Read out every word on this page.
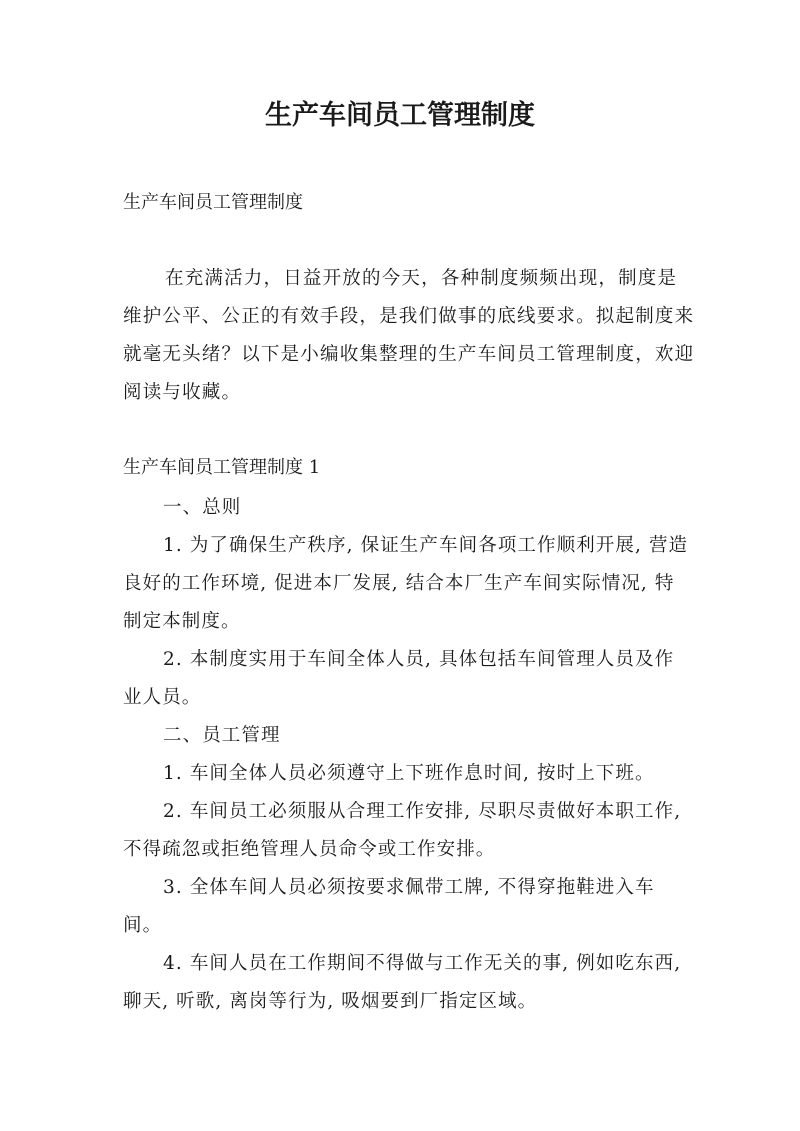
生产车间员工管理制度

生产车间员工管理制度

在充满活力，日益开放的今天，各种制度频频出现，制度是维护公平、公正的有效手段，是我们做事的底线要求。拟起制度来就毫无头绪？以下是小编收集整理的生产车间员工管理制度，欢迎阅读与收藏。

生产车间员工管理制度 1

一、总则

1. 为了确保生产秩序, 保证生产车间各项工作顺利开展, 营造良好的工作环境, 促进本厂发展, 结合本厂生产车间实际情况, 特制定本制度。

2. 本制度实用于车间全体人员, 具体包括车间管理人员及作业人员。

二、员工管理

1. 车间全体人员必须遵守上下班作息时间, 按时上下班。

2. 车间员工必须服从合理工作安排, 尽职尽责做好本职工作, 不得疏忽或拒绝管理人员命令或工作安排。

3. 全体车间人员必须按要求佩带工牌, 不得穿拖鞋进入车间。

4. 车间人员在工作期间不得做与工作无关的事, 例如吃东西, 聊天, 听歌, 离岗等行为, 吸烟要到厂指定区域。
